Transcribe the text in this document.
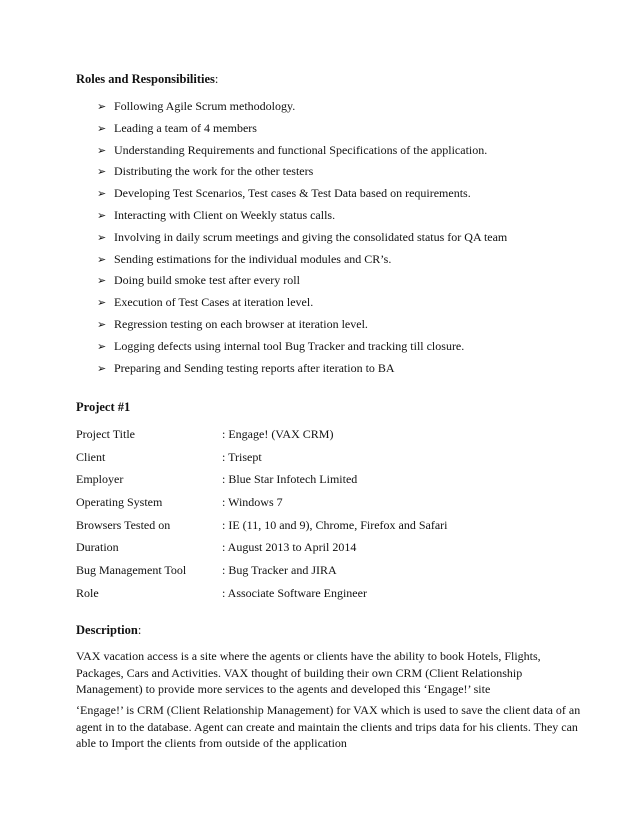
Roles and Responsibilities:
➢ Following Agile Scrum methodology.
➢ Leading a team of 4 members
➢ Understanding Requirements and functional Specifications of the application.
➢ Distributing the work for the other testers
➢ Developing Test Scenarios, Test cases & Test Data based on requirements.
➢ Interacting with Client on Weekly status calls.
➢ Involving in daily scrum meetings and giving the consolidated status for QA team
➢ Sending estimations for the individual modules and CR’s.
➢ Doing build smoke test after every roll
➢ Execution of Test Cases at iteration level.
➢ Regression testing on each browser at iteration level.
➢ Logging defects using internal tool Bug Tracker and tracking till closure.
➢ Preparing and Sending testing reports after iteration to BA
Project #1
Project Title	: Engage! (VAX CRM)
Client	: Trisept
Employer	: Blue Star Infotech Limited
Operating System	: Windows 7
Browsers Tested on	: IE (11, 10 and 9), Chrome, Firefox and Safari
Duration	: August 2013 to April 2014
Bug Management Tool	: Bug Tracker and JIRA
Role	: Associate Software Engineer
Description:
VAX vacation access is a site where the agents or clients have the ability to book Hotels, Flights,
Packages, Cars and Activities. VAX thought of building their own CRM (Client Relationship
Management) to provide more services to the agents and developed this ‘Engage!’ site
‘Engage!’ is CRM (Client Relationship Management) for VAX which is used to save the client data of an
agent in to the database. Agent can create and maintain the clients and trips data for his clients. They can
able to Import the clients from outside of the application
